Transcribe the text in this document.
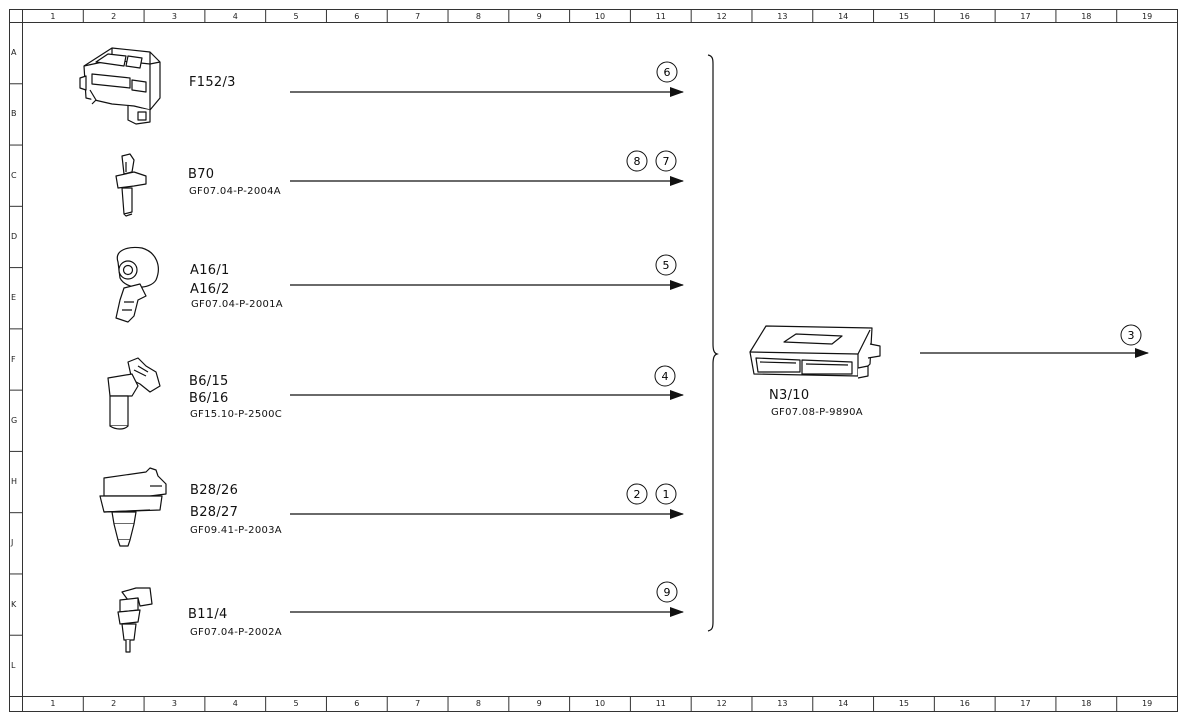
6
8 7
5
4
2 1
9
3
F152/3
B70
GF07.04-P-2004A
A16/1
A16/2
GF07.04-P-2001A
B6/15
B6/16
GF15.10-P-2500C
B28/26
B28/27
GF09.41-P-2003A
B11/4
GF07.04-P-2002A
N3/10
GF07.08-P-9890A
1
1
2
2
3
3
4
4
5
5
6
6
7
7
8
8
9
9
10
10
11
11
12
12
13
13
14
14
15
15
16
16
17
17
18
18
19
19
A
B
C
D
E
F
G
H
J
K
L
